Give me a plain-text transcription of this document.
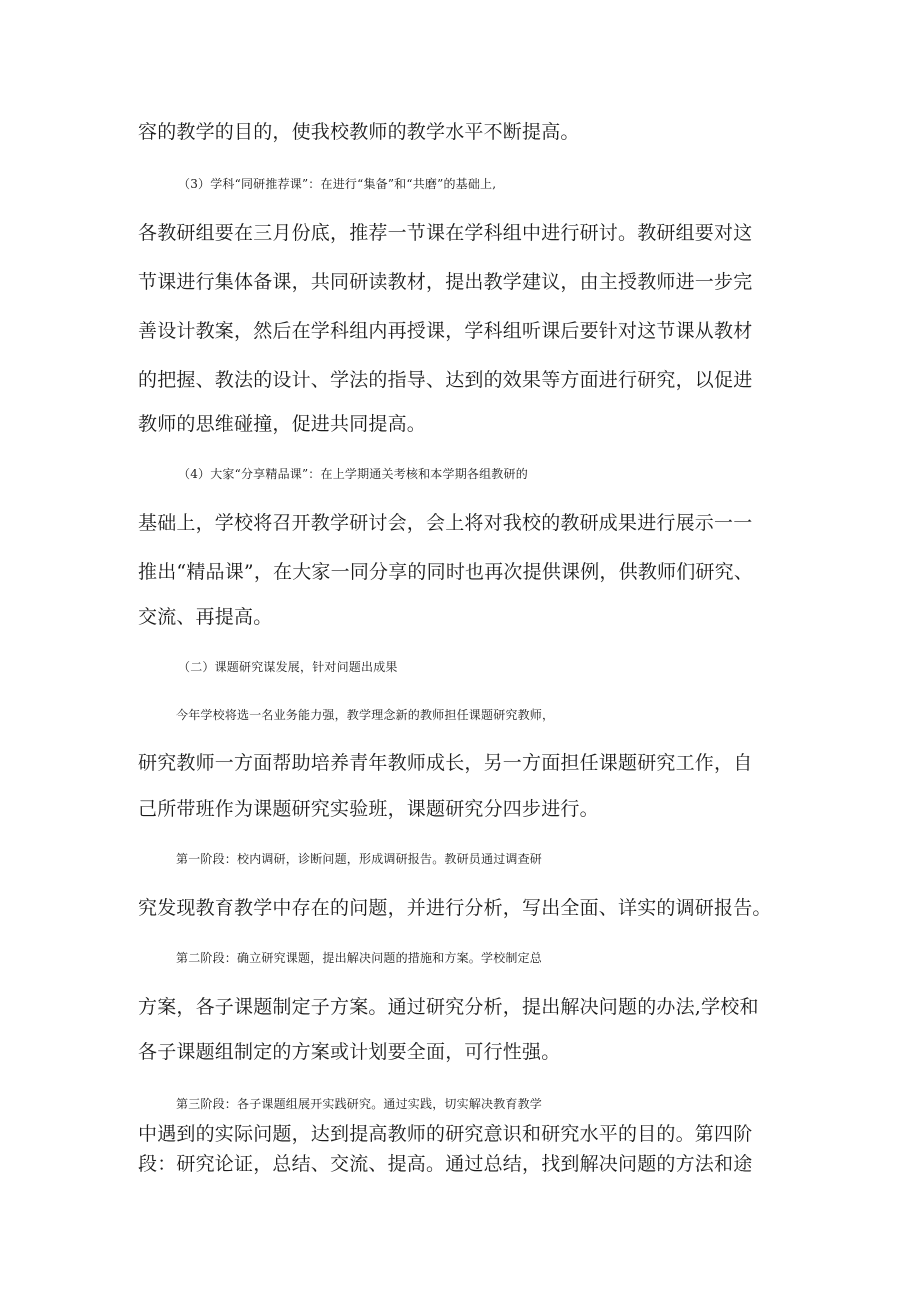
容的教学的目的，使我校教师的教学水平不断提高。
（3）学科“同研推荐课”：在进行“集备”和“共磨”的基础上,
各教研组要在三月份底，推荐一节课在学科组中进行研讨。教研组要对这
节课进行集体备课，共同研读教材，提出教学建议，由主授教师进一步完
善设计教案，然后在学科组内再授课，学科组听课后要针对这节课从教材
的把握、教法的设计、学法的指导、达到的效果等方面进行研究，以促进
教师的思维碰撞，促进共同提高。
（4）大家“分享精品课”：在上学期通关考核和本学期各组教研的
基础上，学校将召开教学研讨会，会上将对我校的教研成果进行展示一一
推出“精品课”，在大家一同分享的同时也再次提供课例，供教师们研究、
交流、再提高。
（二）课题研究谋发展，针对问题出成果
今年学校将选一名业务能力强，教学理念新的教师担任课题研究教师，
研究教师一方面帮助培养青年教师成长，另一方面担任课题研究工作，自
己所带班作为课题研究实验班，课题研究分四步进行。
第一阶段：校内调研，诊断问题，形成调研报告。教研员通过调查研
究发现教育教学中存在的问题，并进行分析，写出全面、详实的调研报告。
第二阶段：确立研究课题，提出解决问题的措施和方案。学校制定总
方案，各子课题制定子方案。通过研究分析，提出解决问题的办法,学校和
各子课题组制定的方案或计划要全面，可行性强。
第三阶段：各子课题组展开实践研究。通过实践，切实解决教育教学
中遇到的实际问题，达到提高教师的研究意识和研究水平的目的。第四阶
段：研究论证，总结、交流、提高。通过总结，找到解决问题的方法和途
